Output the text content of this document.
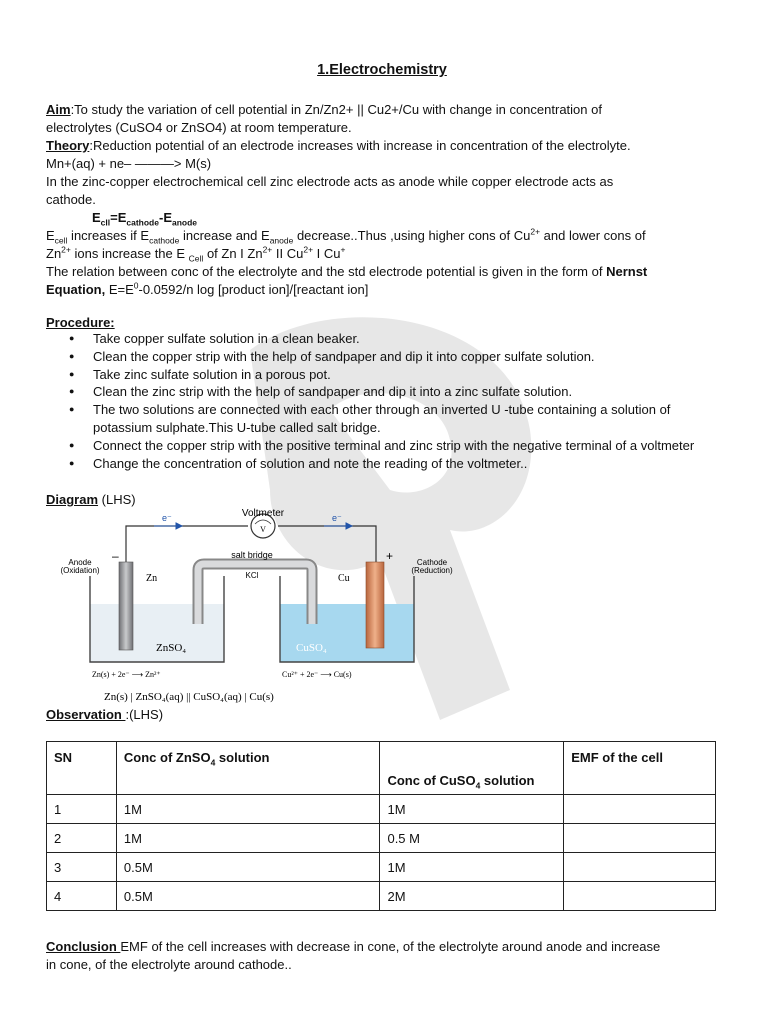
1.Electrochemistry
Aim:To study the variation of cell potential in Zn/Zn2+ || Cu2+/Cu with change in concentration of
electrolytes (CuSO4 or ZnSO4) at room temperature.
Theory:Reduction potential of an electrode increases with increase in concentration of the electrolyte.
Mn+(aq) + ne– ———> M(s)
In the zinc-copper electrochemical cell zinc electrode acts as anode while copper electrode acts as
cathode.
$E_{cll}=E_{cathode}-E_{anode}$
$E_{cell}$ increases if $E_{cathode}$ increase and $E_{anode}$ decrease..Thus ,using higher cons of $Cu^{2+}$ and lower cons of
$Zn^{2+}$ ions increase the E $_{Cell}$ of Zn I $Zn^{2+}$ II $Cu^{2+}$ I Cu+
The relation between conc of the electrolyte and the std electrode potential is given in the form of Nernst
Equation, $E=E^0-0.0592/n$ log [product ion]/[reactant ion]
Procedure:
● Take copper sulfate solution in a clean beaker.
● Clean the copper strip with the help of sandpaper and dip it into copper sulfate solution.
● Take zinc sulfate solution in a porous pot.
● Clean the zinc strip with the help of sandpaper and dip it into a zinc sulfate solution.
● The two solutions are connected with each other through an inverted U -tube containing a solution of potassium sulphate.This U-tube called salt bridge.
● Connect the copper strip with the positive terminal and zinc strip with the negative terminal of a voltmeter
● Change the concentration of solution and note the reading of the voltmeter..
Diagram (LHS)
Observation :(LHS)
Conclusion EMF of the cell increases with decrease in cone, of the electrolyte around anode and increase
in cone, of the electrolyte around cathode..
V
Voltmeter
e⁻	e⁻
–	+
Anode
(Oxidation)
Cathode
(Reduction)
salt bridge
KCl
Zn	Cu
ZnSO₄	CuSO₄
Zn(s) + 2e⁻ ⟶ Zn²⁺	Cu²⁺ + 2e⁻ ⟶ Cu(s)
Zn(s) | ZnSO₄(aq) || CuSO₄(aq) | Cu(s)
SN	Conc of ZnSO$_4$ solution	Conc of CuSO$_4$ solution	EMF of the cell
1	1M	1M	
2	1M	0.5 M	
3	0.5M	1M	
4	0.5M	2M	
